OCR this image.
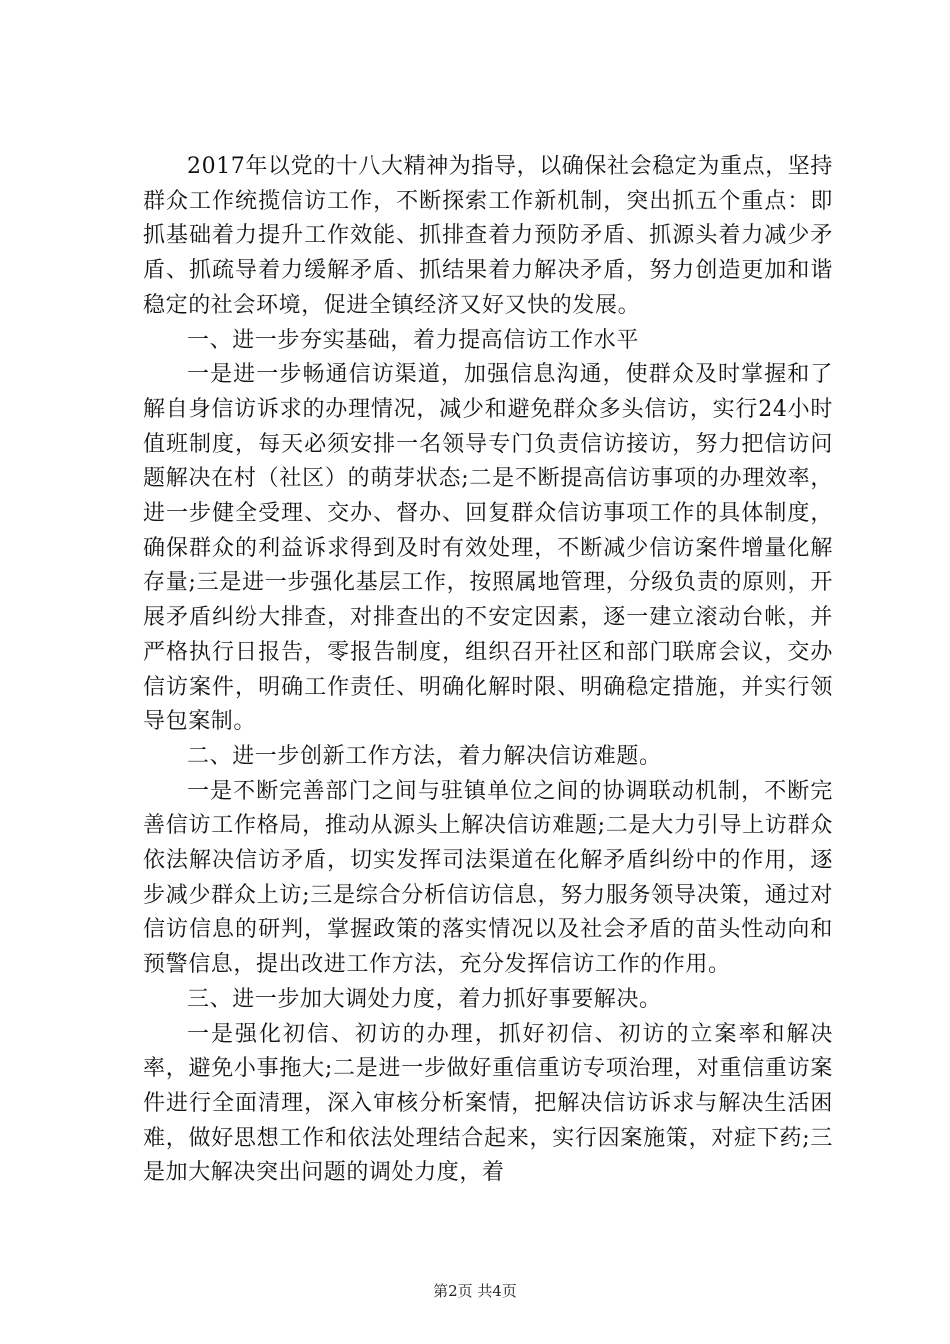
2017年以党的十八大精神为指导，以确保社会稳定为重点，坚持群众工作统揽信访工作，不断探索工作新机制，突出抓五个重点：即抓基础着力提升工作效能、抓排查着力预防矛盾、抓源头着力减少矛盾、抓疏导着力缓解矛盾、抓结果着力解决矛盾，努力创造更加和谐稳定的社会环境，促进全镇经济又好又快的发展。

一、进一步夯实基础，着力提高信访工作水平

一是进一步畅通信访渠道，加强信息沟通，使群众及时掌握和了解自身信访诉求的办理情况，减少和避免群众多头信访，实行24小时值班制度，每天必须安排一名领导专门负责信访接访，努力把信访问题解决在村（社区）的萌芽状态;二是不断提高信访事项的办理效率，进一步健全受理、交办、督办、回复群众信访事项工作的具体制度，确保群众的利益诉求得到及时有效处理，不断减少信访案件增量化解存量;三是进一步强化基层工作，按照属地管理，分级负责的原则，开展矛盾纠纷大排查，对排查出的不安定因素，逐一建立滚动台帐，并严格执行日报告，零报告制度，组织召开社区和部门联席会议，交办信访案件，明确工作责任、明确化解时限、明确稳定措施，并实行领导包案制。

二、进一步创新工作方法，着力解决信访难题。

一是不断完善部门之间与驻镇单位之间的协调联动机制，不断完善信访工作格局，推动从源头上解决信访难题;二是大力引导上访群众依法解决信访矛盾，切实发挥司法渠道在化解矛盾纠纷中的作用，逐步减少群众上访;三是综合分析信访信息，努力服务领导决策，通过对信访信息的研判，掌握政策的落实情况以及社会矛盾的苗头性动向和预警信息，提出改进工作方法，充分发挥信访工作的作用。

三、进一步加大调处力度，着力抓好事要解决。

一是强化初信、初访的办理，抓好初信、初访的立案率和解决率，避免小事拖大;二是进一步做好重信重访专项治理，对重信重访案件进行全面清理，深入审核分析案情，把解决信访诉求与解决生活困难，做好思想工作和依法处理结合起来，实行因案施策，对症下药;三是加大解决突出问题的调处力度，着

第2页 共4页
